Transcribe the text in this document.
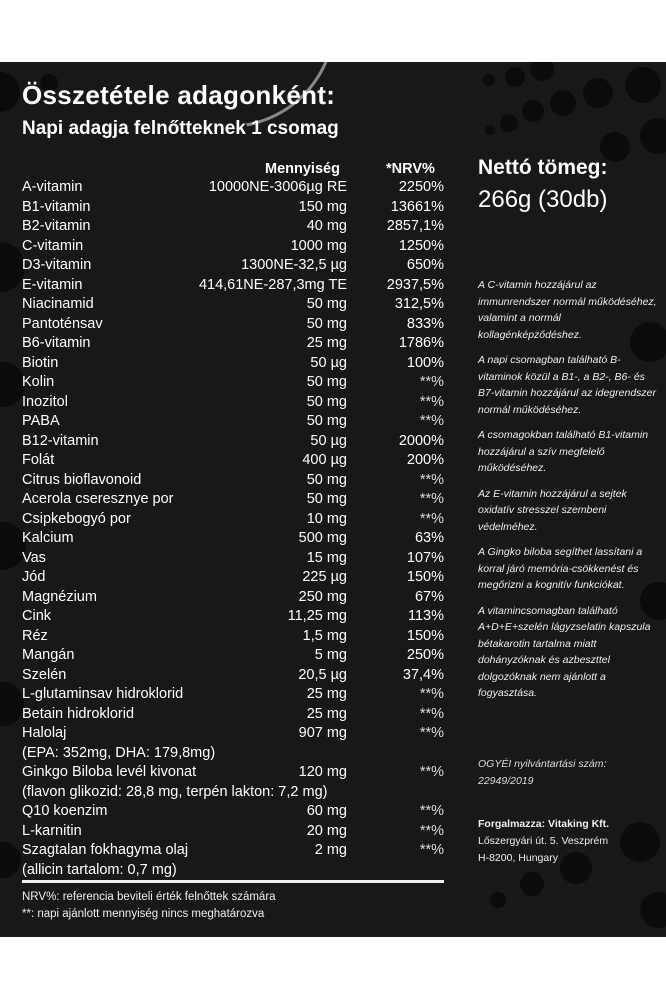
Összetétele adagonként:
Napi adagja felnőtteknek 1 csomag
Mennyiség	*NRV%
A-vitamin	10000NE-3006µg RE	2250%
B1-vitamin	150 mg	13661%
B2-vitamin	40 mg	2857,1%
C-vitamin	1000 mg	1250%
D3-vitamin	1300NE-32,5 µg	650%
E-vitamin	414,61NE-287,3mg TE	2937,5%
Niacinamid	50 mg	312,5%
Pantoténsav	50 mg	833%
B6-vitamin	25 mg	1786%
Biotin	50 µg	100%
Kolin	50 mg	**%
Inozitol	50 mg	**%
PABA	50 mg	**%
B12-vitamin	50 µg	2000%
Folát	400 µg	200%
Citrus bioflavonoid	50 mg	**%
Acerola cseresznye por	50 mg	**%
Csipkebogyó por	10 mg	**%
Kalcium	500 mg	63%
Vas	15 mg	107%
Jód	225 µg	150%
Magnézium	250 mg	67%
Cink	11,25 mg	113%
Réz	1,5 mg	150%
Mangán	5 mg	250%
Szelén	20,5 µg	37,4%
L-glutaminsav hidroklorid	25 mg	**%
Betain hidroklorid	25 mg	**%
Halolaj	907 mg	**%
(EPA: 352mg, DHA: 179,8mg)
Ginkgo Biloba levél kivonat	120 mg	**%
(flavon glikozid: 28,8 mg, terpén lakton: 7,2 mg)
Q10 koenzim	60 mg	**%
L-karnitin	20 mg	**%
Szagtalan fokhagyma olaj	2 mg	**%
(allicin tartalom: 0,7 mg)
NRV%: referencia beviteli érték felnőttek számára
**: napi ajánlott mennyiség nincs meghatározva
Nettó tömeg:
266g (30db)
A C-vitamin hozzájárul az immunrendszer normál működéséhez, valamint a normál kollagénképződéshez.
A napi csomagban található B-vitaminok közül a B1-, a B2-, B6- és B7-vitamin hozzájárul az idegrendszer normál működéséhez.
A csomagokban található B1-vitamin hozzájárul a szív megfelelő működéséhez.
Az E-vitamin hozzájárul a sejtek oxidatív stresszel szembeni védelméhez.
A Gingko biloba segíthet lassítani a korral járó memória-csökkenést és megőrizni a kognitív funkciókat.
A vitamincsomagban található A+D+E+szelén lágyzselatin kapszula bétakarotin tartalma miatt dohányzóknak és azbeszttel dolgozóknak nem ajánlott a fogyasztása.
OGYÉI nyilvántartási szám: 22949/2019
Forgalmazza: Vitaking Kft.
Lőszergyári út. 5. Veszprém
H-8200, Hungary
